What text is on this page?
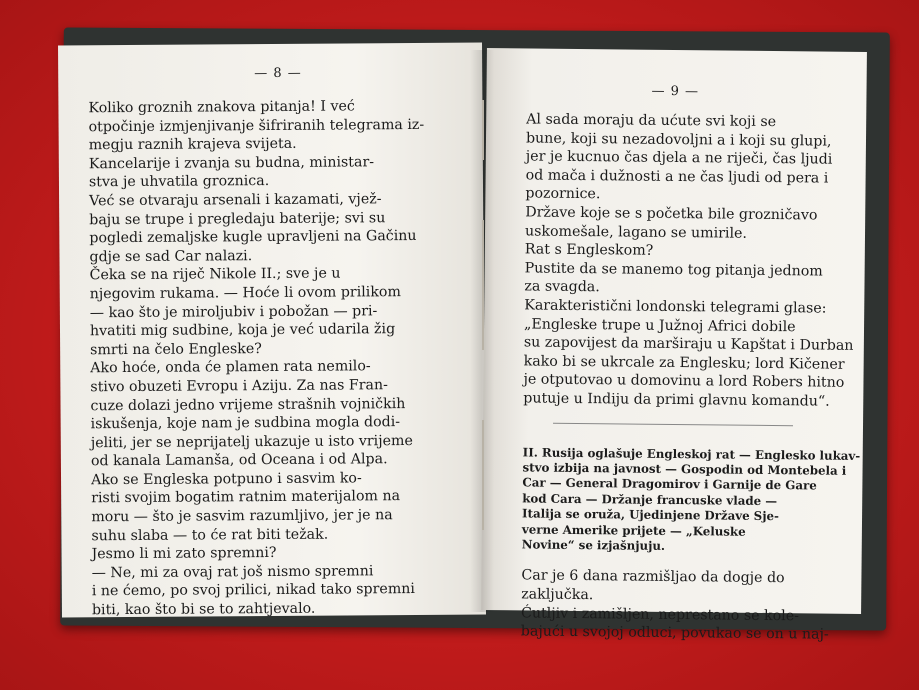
— 8 —
Koliko groznih znakova pitanja! I već
otpočinje izmjenjivanje šifriranih telegrama iz-
megju raznih krajeva svijeta.
Kancelarije i zvanja su budna, ministar-
stva je uhvatila groznica.
Već se otvaraju arsenali i kazamati, vjež-
baju se trupe i pregledaju baterije; svi su
pogledi zemaljske kugle upravljeni na Gačinu
gdje se sad Car nalazi.
Čeka se na riječ Nikole II.; sve je u
njegovim rukama. — Hoće li ovom prilikom
— kao što je miroljubiv i pobožan — pri-
hvatiti mig sudbine, koja je već udarila žig
smrti na čelo Engleske?
Ako hoće, onda će plamen rata nemilo-
stivo obuzeti Evropu i Aziju. Za nas Fran-
cuze dolazi jedno vrijeme strašnih vojničkih
iskušenja, koje nam je sudbina mogla dodi-
jeliti, jer se neprijatelj ukazuje u isto vrijeme
od kanala Lamanša, od Oceana i od Alpa.
Ako se Engleska potpuno i sasvim ko-
risti svojim bogatim ratnim materijalom na
moru — što je sasvim razumljivo, jer je na
suhu slaba — to će rat biti težak.
Jesmo li mi zato spremni?
— Ne, mi za ovaj rat još nismo spremni
i ne ćemo, po svoj prilici, nikad tako spremni
biti, kao što bi se to zahtjevalo.
— 9 —
Al sada moraju da ućute svi koji se
bune, koji su nezadovoljni a i koji su glupi,
jer je kucnuo čas djela a ne riječi, čas ljudi
od mača i dužnosti a ne čas ljudi od pera i
pozornice.
Države koje se s početka bile grozničavo
uskomešale, lagano se umirile.
Rat s Engleskom?
Pustite da se manemo tog pitanja jednom
za svagda.
Karakteristični londonski telegrami glase:
„Engleske trupe u Južnoj Africi dobile
su zapovijest da marširaju u Kapštat i Durban
kako bi se ukrcale za Englesku; lord Kičener
je otputovao u domovinu a lord Robers hitno
putuje u Indiju da primi glavnu komandu“.

II. Rusija oglašuje Engleskoj rat — Englesko lukav-
stvo izbija na javnost — Gospodin od Montebela i
Car — General Dragomirov i Garnije de Gare
kod Cara — Držanje francuske vlade —
Italija se oruža, Ujedinjene Države Sje-
verne Amerike prijete — „Keluske
Novine“ se izjašnjuju.

Car je 6 dana razmišljao da dogje do
zaključka.
Ćutljiv i zamišljen, neprestano se kole-
bajući u svojoj odluci, povukao se on u naj-
